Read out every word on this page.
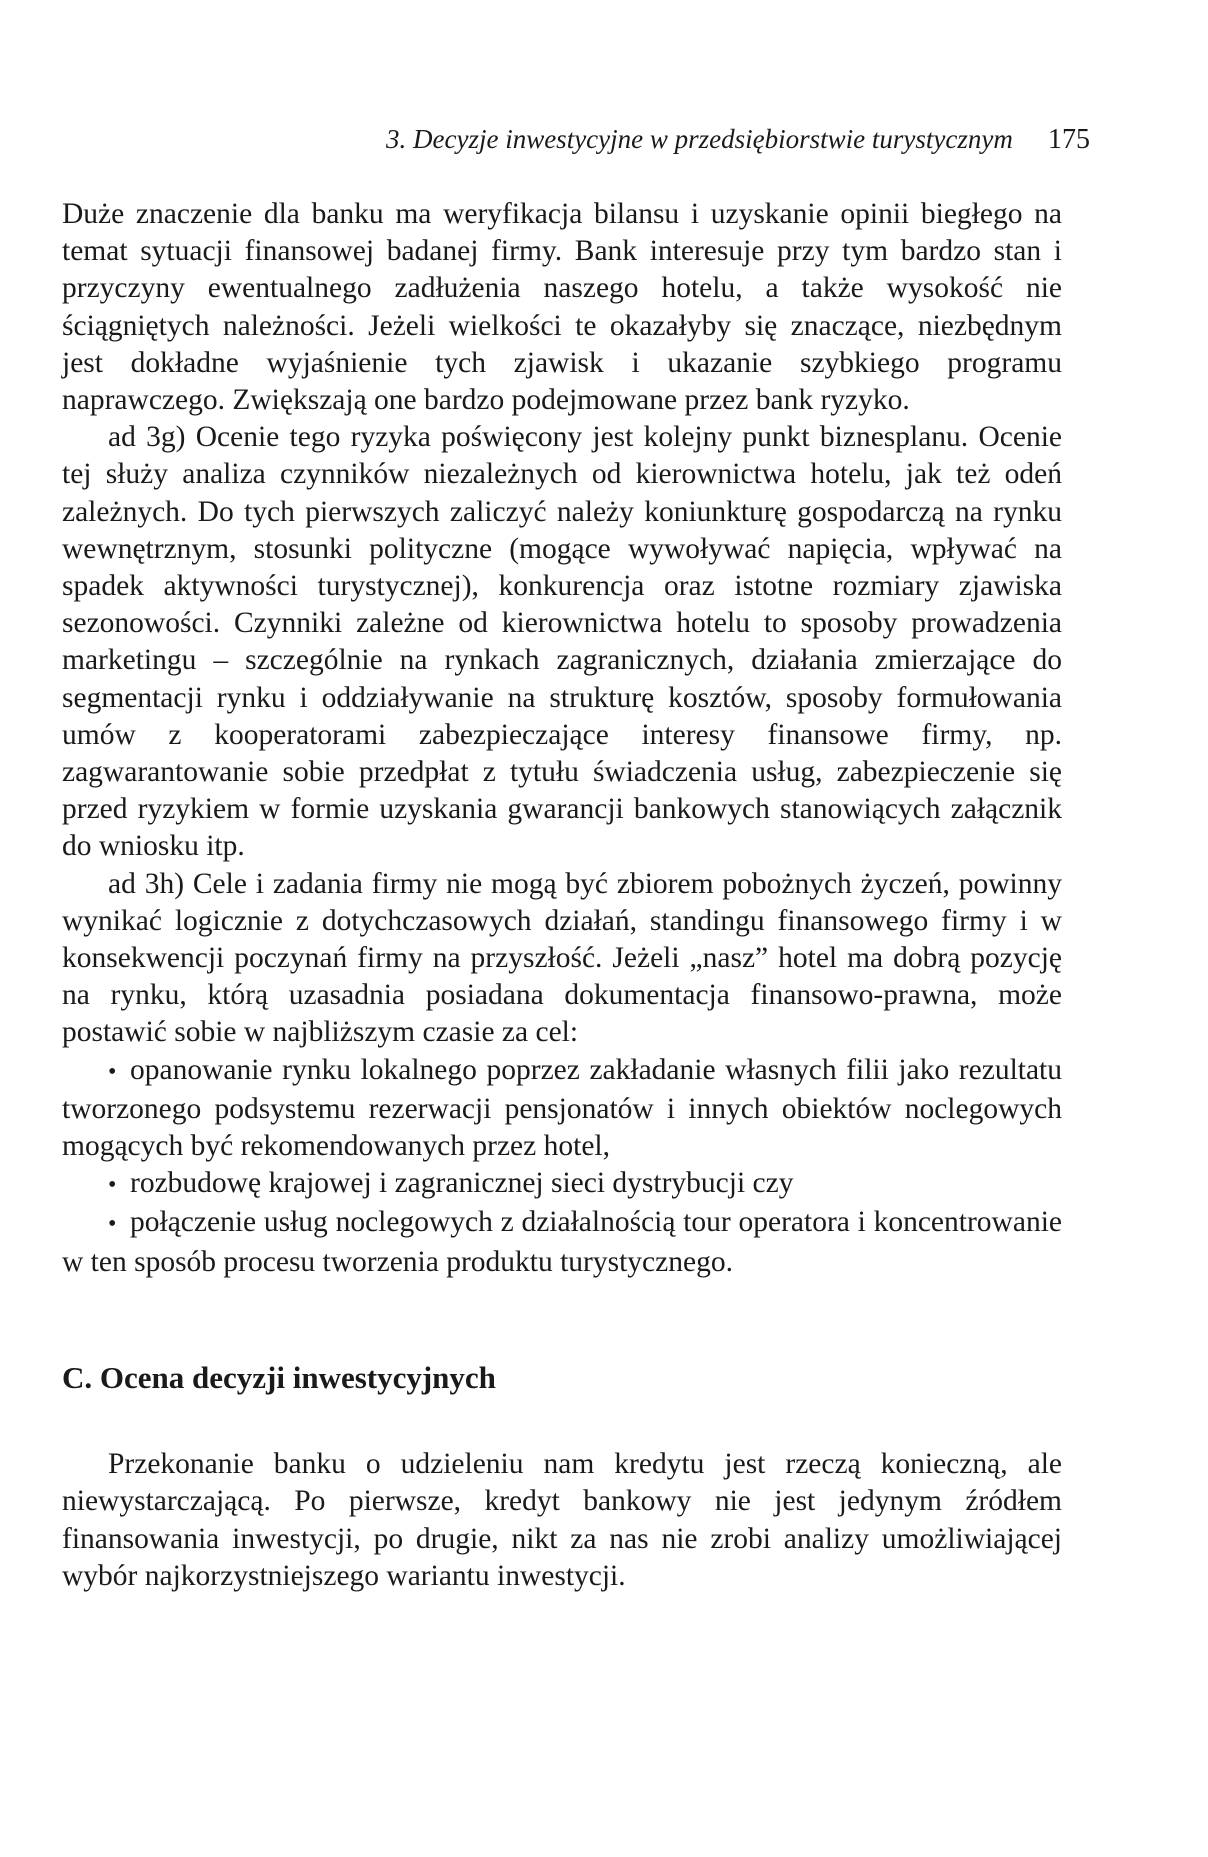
3. Decyzje inwestycyjne w przedsiębiorstwie turystycznym 175

Duże znaczenie dla banku ma weryfikacja bilansu i uzyskanie opinii biegłego na temat sytuacji finansowej badanej firmy. Bank interesuje przy tym bardzo stan i przyczyny ewentualnego zadłużenia naszego hotelu, a także wysokość nie ściągniętych należności. Jeżeli wielkości te okazałyby się znaczące, niezbędnym jest dokładne wyjaśnienie tych zjawisk i ukazanie szybkiego programu naprawczego. Zwiększają one bardzo podejmowane przez bank ryzyko.

ad 3g) Ocenie tego ryzyka poświęcony jest kolejny punkt biznesplanu. Ocenie tej służy analiza czynników niezależnych od kierownictwa hotelu, jak też odeń zależnych. Do tych pierwszych zaliczyć należy koniunkturę gospodarczą na rynku wewnętrznym, stosunki polityczne (mogące wywoływać napięcia, wpływać na spadek aktywności turystycznej), konkurencja oraz istotne rozmiary zjawiska sezonowości. Czynniki zależne od kierownictwa hotelu to sposoby prowadzenia marketingu – szczególnie na rynkach zagranicznych, działania zmierzające do segmentacji rynku i oddziaływanie na strukturę kosztów, sposoby formułowania umów z kooperatorami zabezpieczające interesy finansowe firmy, np. zagwarantowanie sobie przedpłat z tytułu świadczenia usług, zabezpieczenie się przed ryzykiem w formie uzyskania gwarancji bankowych stanowiących załącznik do wniosku itp.

ad 3h) Cele i zadania firmy nie mogą być zbiorem pobożnych życzeń, powinny wynikać logicznie z dotychczasowych działań, standingu finansowego firmy i w konsekwencji poczynań firmy na przyszłość. Jeżeli „nasz” hotel ma dobrą pozycję na rynku, którą uzasadnia posiadana dokumentacja finansowo-prawna, może postawić sobie w najbliższym czasie za cel:

• opanowanie rynku lokalnego poprzez zakładanie własnych filii jako rezultatu tworzonego podsystemu rezerwacji pensjonatów i innych obiektów noclegowych mogących być rekomendowanych przez hotel,
• rozbudowę krajowej i zagranicznej sieci dystrybucji czy
• połączenie usług noclegowych z działalnością tour operatora i koncentrowanie w ten sposób procesu tworzenia produktu turystycznego.
C. Ocena decyzji inwestycyjnych

Przekonanie banku o udzieleniu nam kredytu jest rzeczą konieczną, ale niewystarczającą. Po pierwsze, kredyt bankowy nie jest jedynym źródłem finansowania inwestycji, po drugie, nikt za nas nie zrobi analizy umożliwiającej wybór najkorzystniejszego wariantu inwestycji.
